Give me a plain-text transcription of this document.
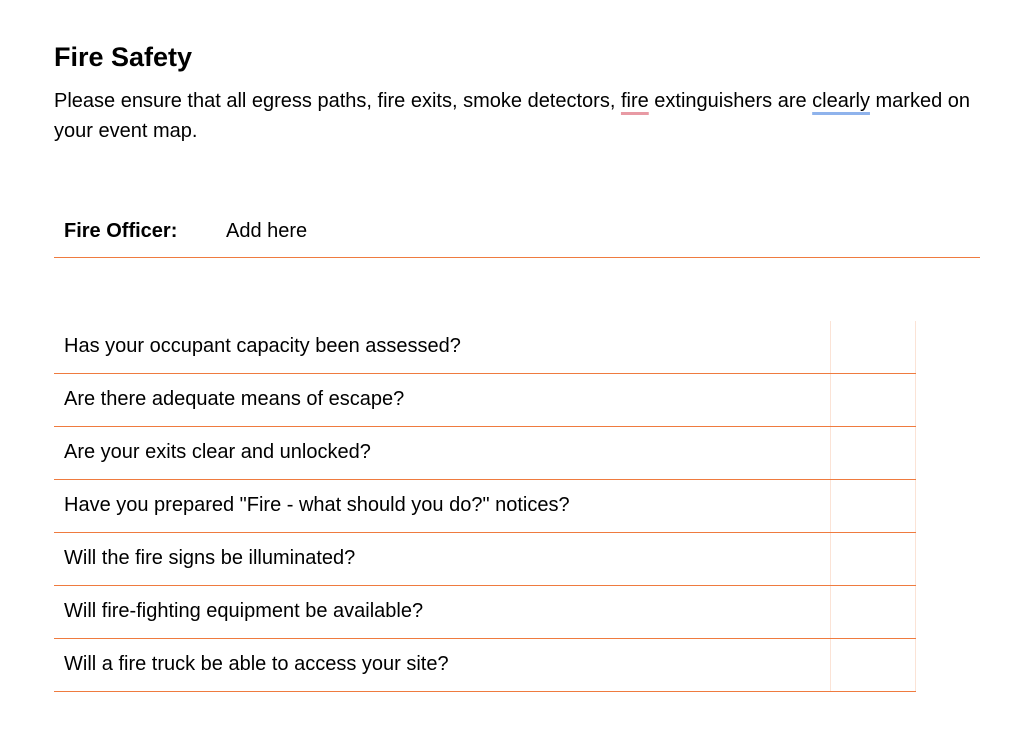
Fire Safety
Please ensure that all egress paths, fire exits, smoke detectors, fire extinguishers are clearly marked on your event map.
Fire Officer: Add here
Has your occupant capacity been assessed?
Are there adequate means of escape?
Are your exits clear and unlocked?
Have you prepared "Fire - what should you do?" notices?
Will the fire signs be illuminated?
Will fire-fighting equipment be available?
Will a fire truck be able to access your site?
